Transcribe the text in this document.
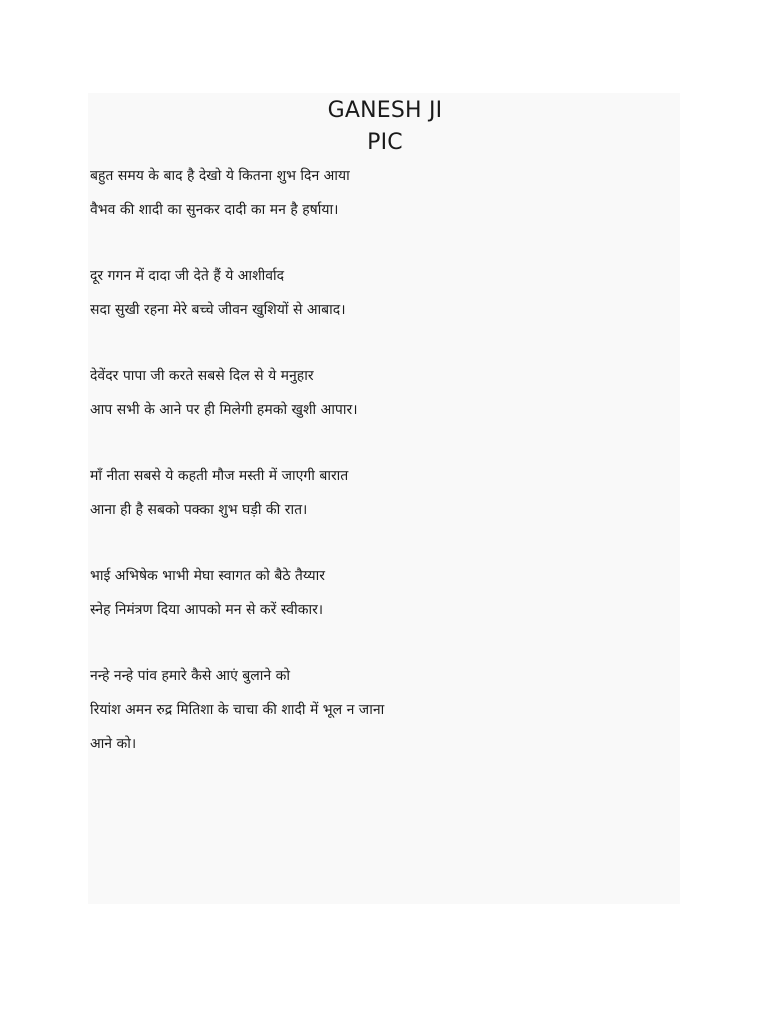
GANESH JI
PIC
बहुत समय के बाद है देखो ये कितना शुभ दिन आया
वैभव की शादी का सुनकर दादी का मन है हर्षाया।
दूर गगन में दादा जी देते हैं ये आशीर्वाद
सदा सुखी रहना मेरे बच्चे जीवन खुशियों से आबाद।
देवेंदर पापा जी करते सबसे दिल से ये मनुहार
आप सभी के आने पर ही मिलेगी हमको खुशी आपार।
माँ नीता सबसे ये कहती मौज मस्ती में जाएगी बारात
आना ही है सबको पक्का शुभ घड़ी की रात।
भाई अभिषेक भाभी मेघा स्वागत को बैठे तैय्यार
स्नेह निमंत्रण दिया आपको मन से करें स्वीकार।
नन्हे नन्हे पांव हमारे कैसे आएं बुलाने को
रियांश अमन रुद्र मितिशा के चाचा की शादी में भूल न जाना
आने को।
